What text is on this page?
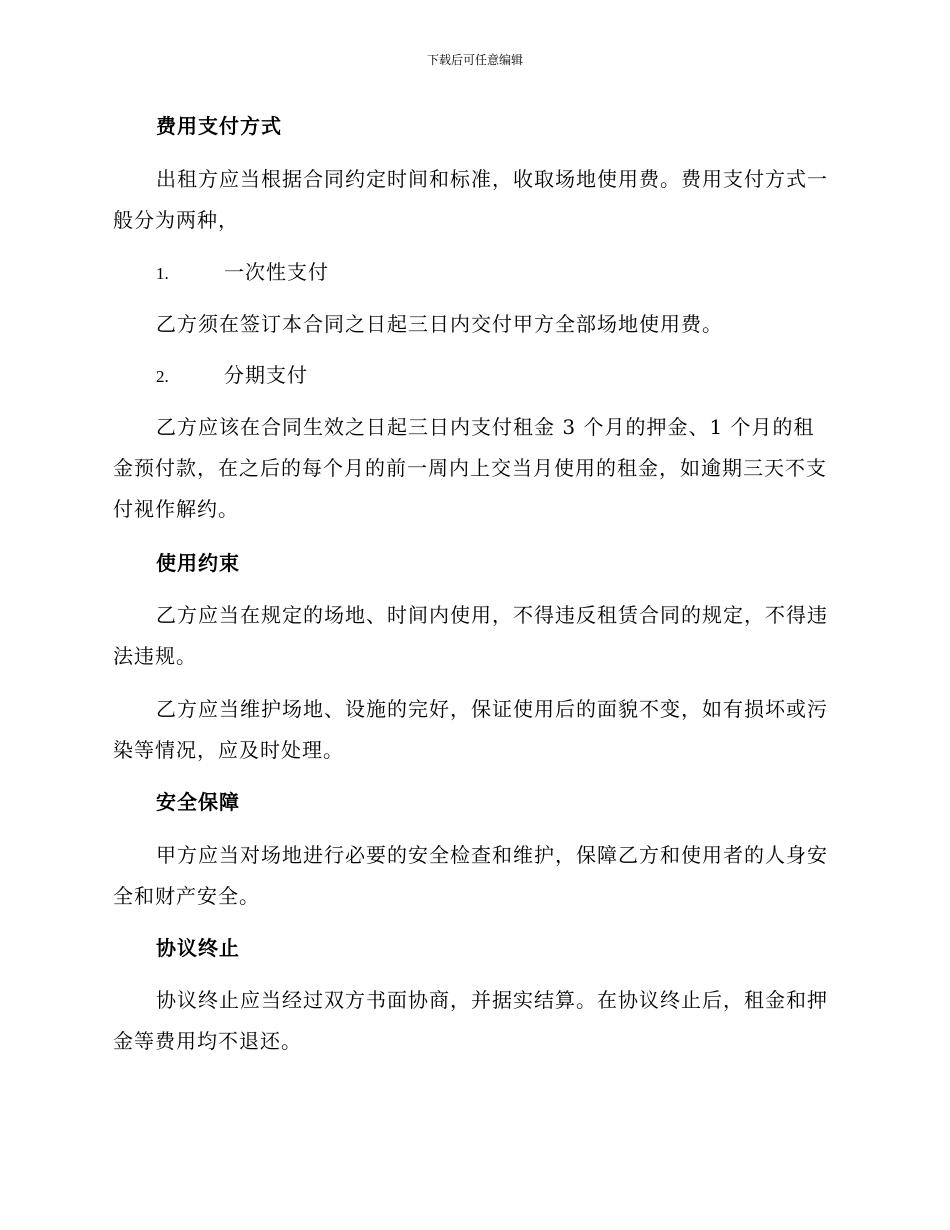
下载后可任意编辑

费用支付方式

出租方应当根据合同约定时间和标准，收取场地使用费。费用支付方式一般分为两种，

1.	一次性支付

乙方须在签订本合同之日起三日内交付甲方全部场地使用费。

2.	分期支付

乙方应该在合同生效之日起三日内支付租金 3 个月的押金、1 个月的租金预付款，在之后的每个月的前一周内上交当月使用的租金，如逾期三天不支付视作解约。

使用约束

乙方应当在规定的场地、时间内使用，不得违反租赁合同的规定，不得违法违规。

乙方应当维护场地、设施的完好，保证使用后的面貌不变，如有损坏或污染等情况，应及时处理。

安全保障

甲方应当对场地进行必要的安全检查和维护，保障乙方和使用者的人身安全和财产安全。

协议终止

协议终止应当经过双方书面协商，并据实结算。在协议终止后，租金和押金等费用均不退还。
